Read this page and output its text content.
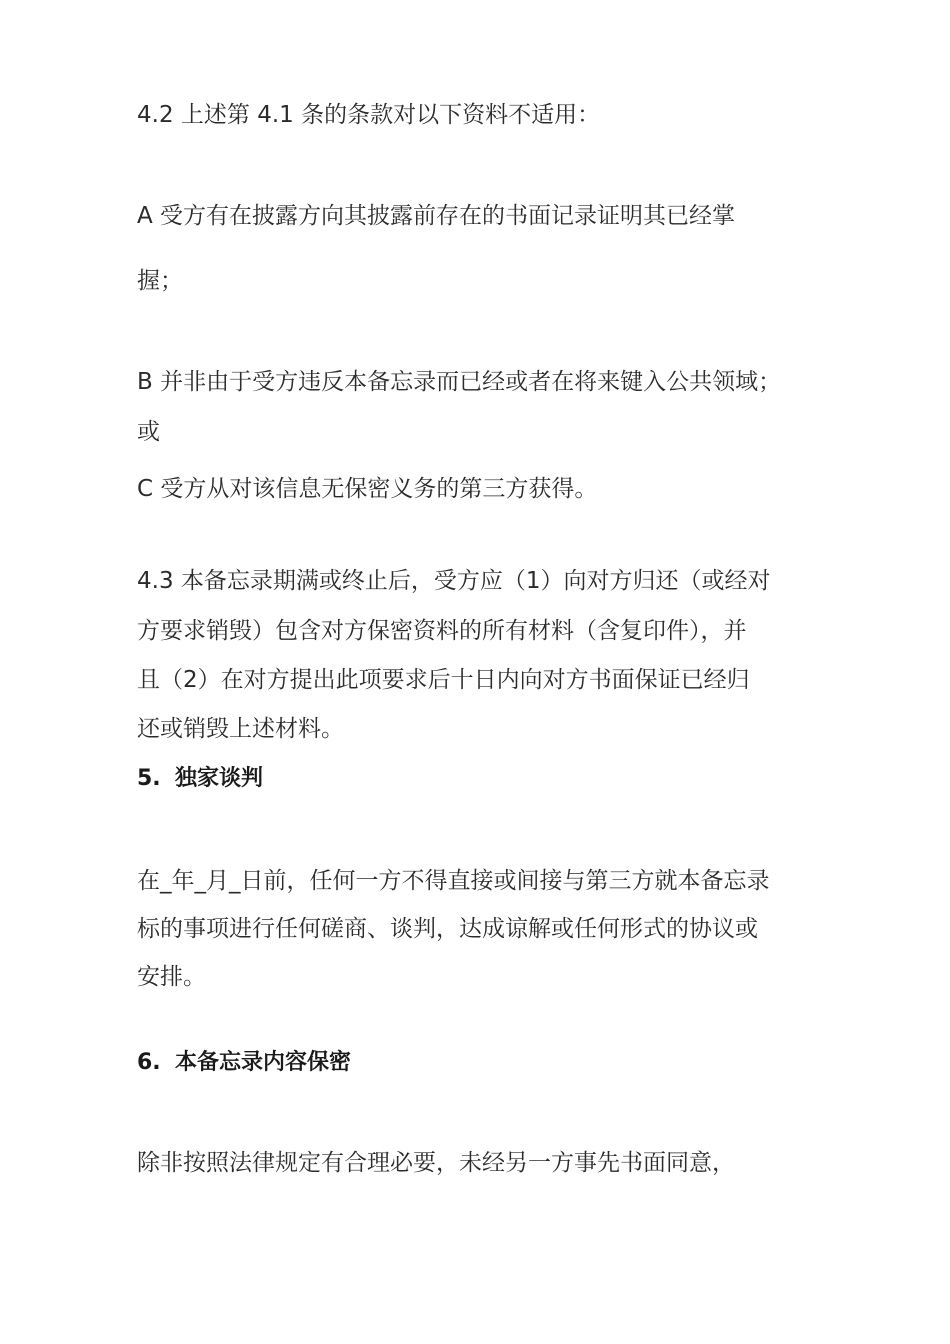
4.2 上述第 4.1 条的条款对以下资料不适用：

A 受方有在披露方向其披露前存在的书面记录证明其已经掌

握；

B 并非由于受方违反本备忘录而已经或者在将来键入公共领域；

或

C 受方从对该信息无保密义务的第三方获得。

4.3 本备忘录期满或终止后，受方应（1）向对方归还（或经对

方要求销毁）包含对方保密资料的所有材料（含复印件），并

且（2）在对方提出此项要求后十日内向对方书面保证已经归

还或销毁上述材料。

5. 独家谈判

在_年_月_日前，任何一方不得直接或间接与第三方就本备忘录

标的事项进行任何磋商、谈判，达成谅解或任何形式的协议或

安排。

6. 本备忘录内容保密

除非按照法律规定有合理必要，未经另一方事先书面同意，
